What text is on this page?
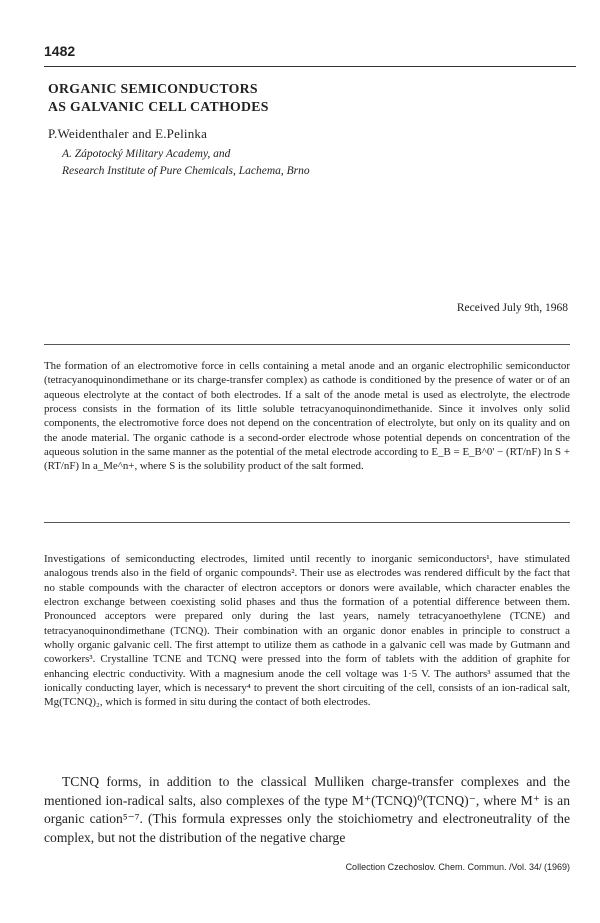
1482
ORGANIC SEMICONDUCTORS
AS GALVANIC CELL CATHODES
P.Weidenthaler and E.Pelinka
A. Zápotocký Military Academy, and
Research Institute of Pure Chemicals, Lachema, Brno
Received July 9th, 1968

The formation of an electromotive force in cells containing a metal anode and an organic electrophilic semiconductor (tetracyanoquinondimethane or its charge-transfer complex) as cathode is conditioned by the presence of water or of an aqueous electrolyte at the contact of both electrodes. If a salt of the anode metal is used as electrolyte, the electrode process consists in the formation of its little soluble tetracyanoquinondimethanide. Since it involves only solid components, the electromotive force does not depend on the concentration of electrolyte, but only on its quality and on the anode material. The organic cathode is a second-order electrode whose potential depends on concentration of the aqueous solution in the same manner as the potential of the metal electrode according to E_B = E_B^0' − (RT/nF) ln S + (RT/nF) ln a_Me^n+, where S is the solubility product of the salt formed.

Investigations of semiconducting electrodes, limited until recently to inorganic semiconductors¹, have stimulated analogous trends also in the field of organic compounds². Their use as electrodes was rendered difficult by the fact that no stable compounds with the character of electron acceptors or donors were available, which character enables the electron exchange between coexisting solid phases and thus the formation of a potential difference between them. Pronounced acceptors were prepared only during the last years, namely tetracyanoethylene (TCNE) and tetracyanoquinondimethane (TCNQ). Their combination with an organic donor enables in principle to construct a wholly organic galvanic cell. The first attempt to utilize them as cathode in a galvanic cell was made by Gutmann and coworkers³. Crystalline TCNE and TCNQ were pressed into the form of tablets with the addition of graphite for enhancing electric conductivity. With a magnesium anode the cell voltage was 1·5 V. The authors³ assumed that the ionically conducting layer, which is necessary⁴ to prevent the short circuiting of the cell, consists of an ion-radical salt, Mg(TCNQ)₂, which is formed in situ during the contact of both electrodes.

TCNQ forms, in addition to the classical Mulliken charge-transfer complexes and the mentioned ion-radical salts, also complexes of the type M⁺(TCNQ)⁰(TCNQ)⁻, where M⁺ is an organic cation⁵⁻⁷. (This formula expresses only the stoichiometry and electroneutrality of the complex, but not the distribution of the negative charge

Collection Czechoslov. Chem. Commun. /Vol. 34/ (1969)
